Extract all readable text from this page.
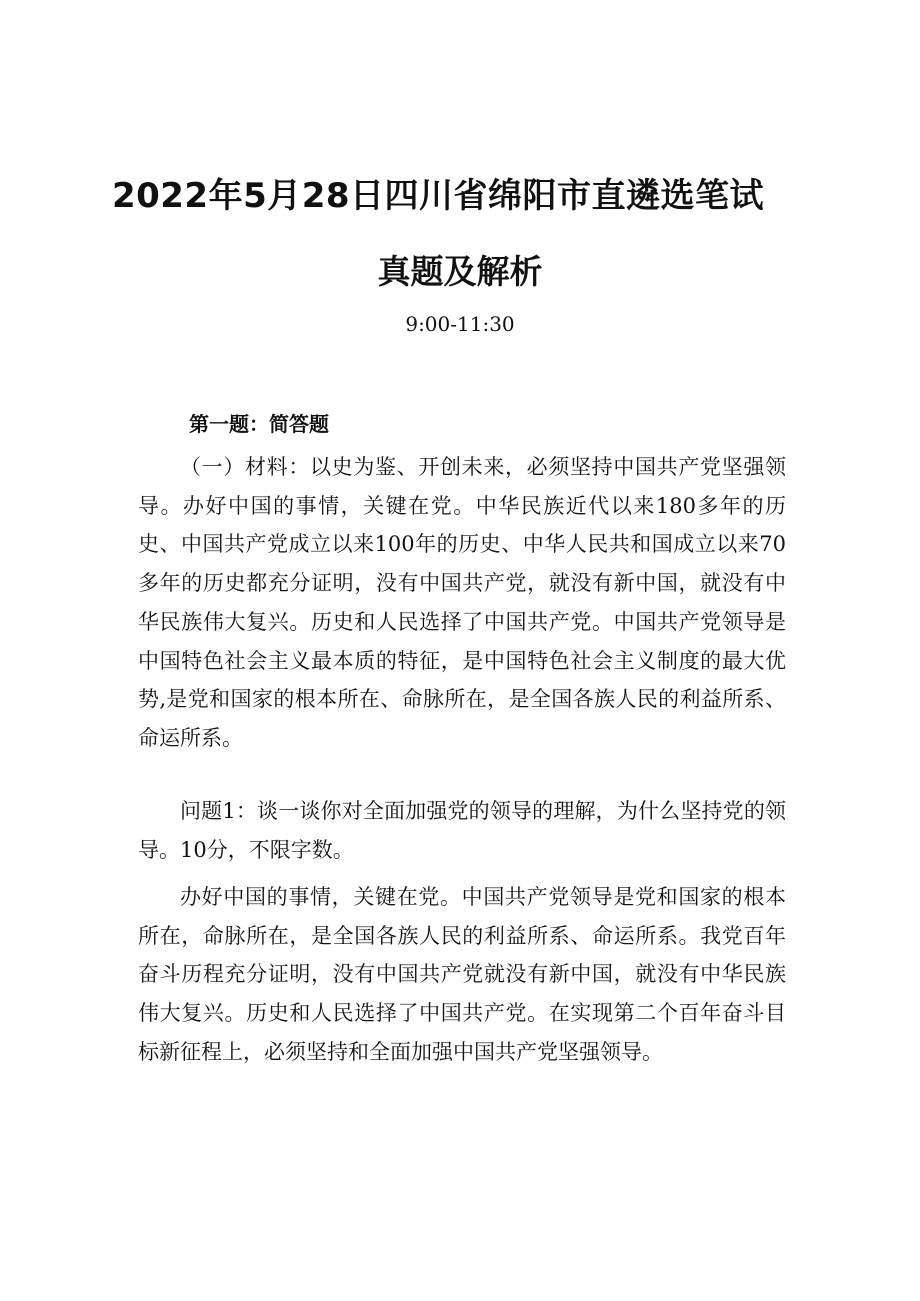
2022年5月28日四川省绵阳市直遴选笔试
真题及解析
9:00-11:30
第一题：简答题

（一）材料：以史为鉴、开创未来，必须坚持中国共产党坚强领导。办好中国的事情，关键在党。中华民族近代以来180多年的历史、中国共产党成立以来100年的历史、中华人民共和国成立以来70多年的历史都充分证明，没有中国共产党，就没有新中国，就没有中华民族伟大复兴。历史和人民选择了中国共产党。中国共产党领导是中国特色社会主义最本质的特征，是中国特色社会主义制度的最大优势,是党和国家的根本所在、命脉所在，是全国各族人民的利益所系、命运所系。

问题1：谈一谈你对全面加强党的领导的理解，为什么坚持党的领导。10分，不限字数。

办好中国的事情，关键在党。中国共产党领导是党和国家的根本所在，命脉所在，是全国各族人民的利益所系、命运所系。我党百年奋斗历程充分证明，没有中国共产党就没有新中国，就没有中华民族伟大复兴。历史和人民选择了中国共产党。在实现第二个百年奋斗目标新征程上，必须坚持和全面加强中国共产党坚强领导。
